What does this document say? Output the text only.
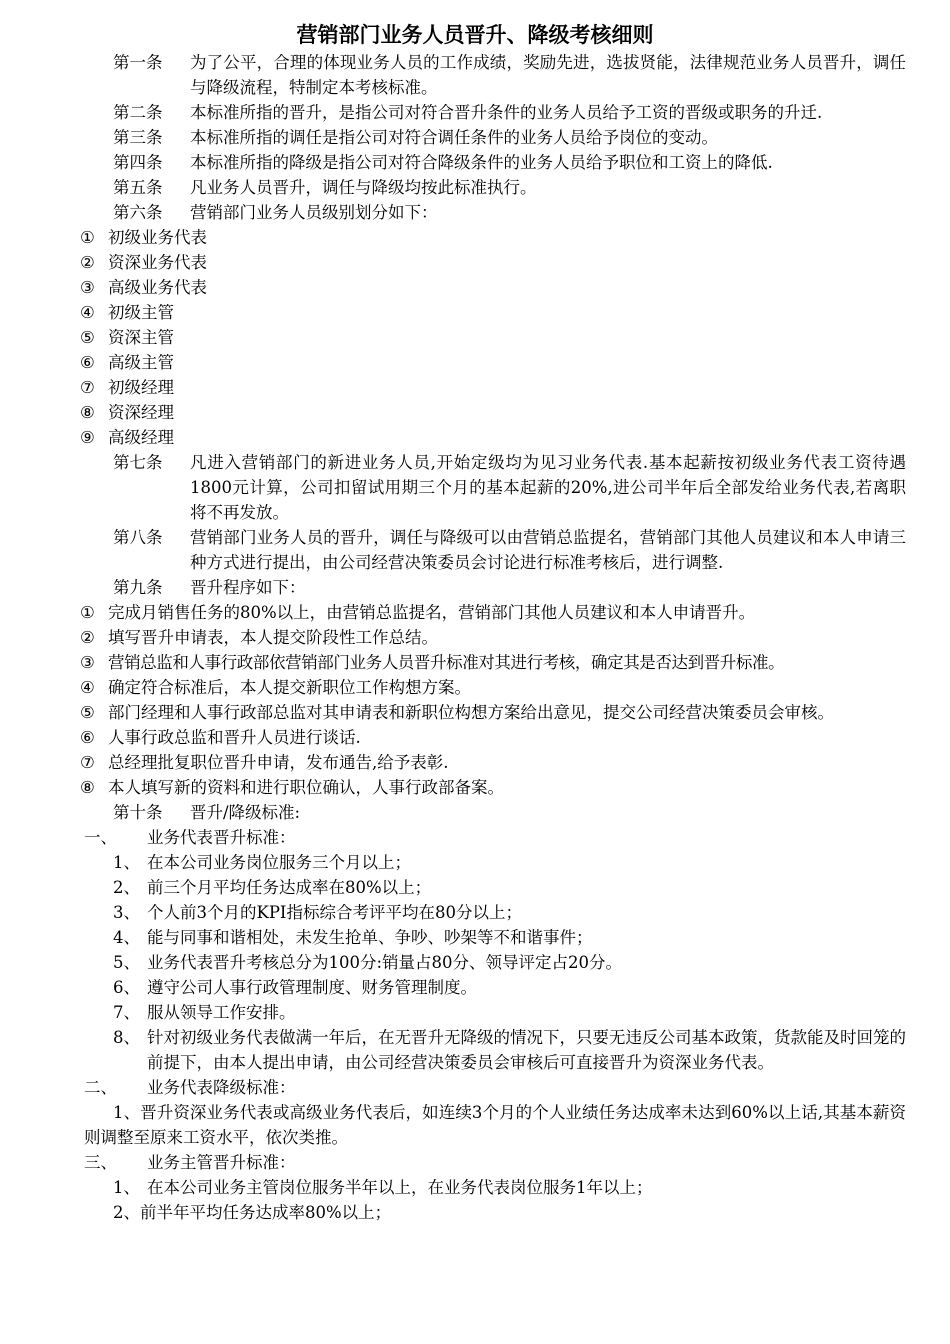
营销部门业务人员晋升、降级考核细则
第一条	为了公平，合理的体现业务人员的工作成绩，奖励先进，选拔贤能，法律规范业务人员晋升，调任与降级流程，特制定本考核标准。
第二条	本标准所指的晋升，是指公司对符合晋升条件的业务人员给予工资的晋级或职务的升迁.
第三条	本标准所指的调任是指公司对符合调任条件的业务人员给予岗位的变动。
第四条	本标准所指的降级是指公司对符合降级条件的业务人员给予职位和工资上的降低.
第五条	凡业务人员晋升，调任与降级均按此标准执行。
第六条	营销部门业务人员级别划分如下：
① 初级业务代表
② 资深业务代表
③ 高级业务代表
④ 初级主管
⑤ 资深主管
⑥ 高级主管
⑦ 初级经理
⑧ 资深经理
⑨ 高级经理
第七条	凡进入营销部门的新进业务人员,开始定级均为见习业务代表.基本起薪按初级业务代表工资待遇1800元计算，公司扣留试用期三个月的基本起薪的20%,进公司半年后全部发给业务代表,若离职将不再发放。
第八条	营销部门业务人员的晋升，调任与降级可以由营销总监提名，营销部门其他人员建议和本人申请三种方式进行提出，由公司经营决策委员会讨论进行标准考核后，进行调整.
第九条	晋升程序如下：
① 完成月销售任务的80%以上，由营销总监提名，营销部门其他人员建议和本人申请晋升。
② 填写晋升申请表，本人提交阶段性工作总结。
③ 营销总监和人事行政部依营销部门业务人员晋升标准对其进行考核，确定其是否达到晋升标准。
④ 确定符合标准后，本人提交新职位工作构想方案。
⑤ 部门经理和人事行政部总监对其申请表和新职位构想方案给出意见，提交公司经营决策委员会审核。
⑥ 人事行政总监和晋升人员进行谈话.
⑦ 总经理批复职位晋升申请，发布通告,给予表彰.
⑧ 本人填写新的资料和进行职位确认，人事行政部备案。
第十条	晋升/降级标准:
一、	业务代表晋升标准：
1、 在本公司业务岗位服务三个月以上；
2、 前三个月平均任务达成率在80%以上；
3、 个人前3个月的KPI指标综合考评平均在80分以上；
4、 能与同事和谐相处，未发生抢单、争吵、吵架等不和谐事件；
5、 业务代表晋升考核总分为100分:销量占80分、领导评定占20分。
6、 遵守公司人事行政管理制度、财务管理制度。
7、 服从领导工作安排。
8、 针对初级业务代表做满一年后，在无晋升无降级的情况下，只要无违反公司基本政策，货款能及时回笼的前提下，由本人提出申请，由公司经营决策委员会审核后可直接晋升为资深业务代表。
二、	业务代表降级标准：
1、晋升资深业务代表或高级业务代表后，如连续3个月的个人业绩任务达成率未达到60%以上话,其基本薪资则调整至原来工资水平，依次类推。
三、	业务主管晋升标准：
1、 在本公司业务主管岗位服务半年以上，在业务代表岗位服务1年以上；
2、前半年平均任务达成率80%以上；
